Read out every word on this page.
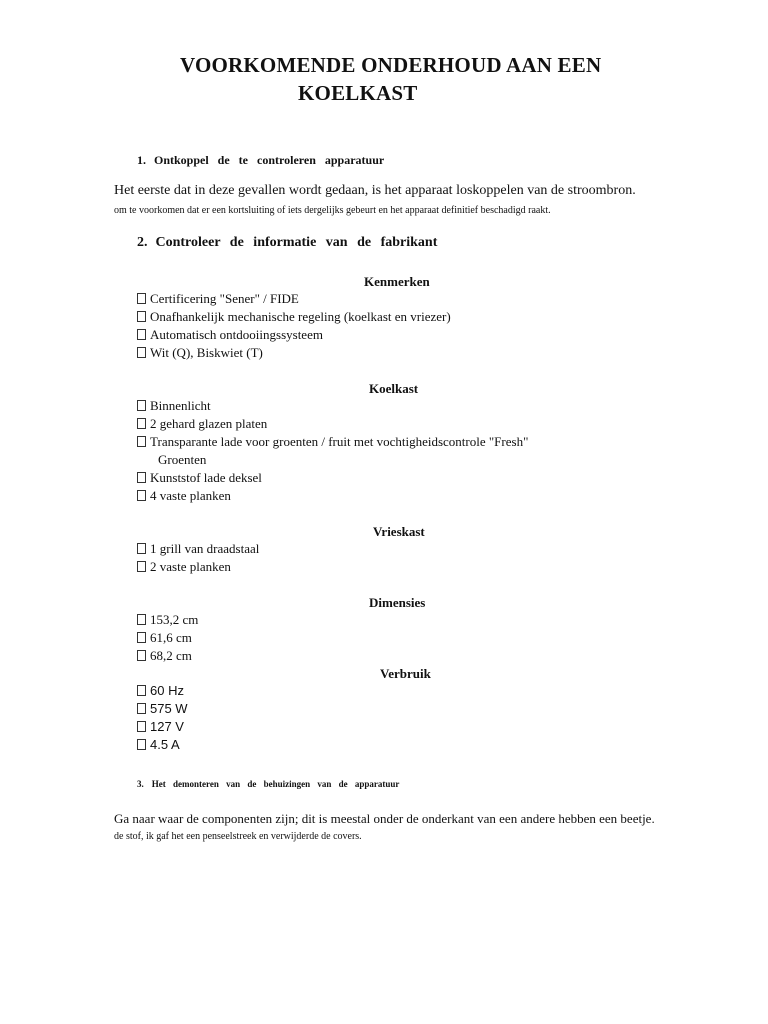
VOORKOMENDE ONDERHOUD AAN EEN
KOELKAST
1. Ontkoppel de te controleren apparatuur
Het eerste dat in deze gevallen wordt gedaan, is het apparaat loskoppelen van de stroombron.
om te voorkomen dat er een kortsluiting of iets dergelijks gebeurt en het apparaat definitief beschadigd raakt.
2. Controleer de informatie van de fabrikant
Kenmerken
Certificering "Sener" / FIDE
Onafhankelijk mechanische regeling (koelkast en vriezer)
Automatisch ontdooiingssysteem
Wit (Q), Biskwiet (T)
Koelkast
Binnenlicht
2 gehard glazen platen
Transparante lade voor groenten / fruit met vochtigheidscontrole "Fresh"
Groenten
Kunststof lade deksel
4 vaste planken
Vrieskast
1 grill van draadstaal
2 vaste planken
Dimensies
153,2 cm
61,6 cm
68,2 cm
Verbruik
60 Hz
575 W
127 V
4.5 A
3. Het demonteren van de behuizingen van de apparatuur
Ga naar waar de componenten zijn; dit is meestal onder de onderkant van een andere hebben een beetje.
de stof, ik gaf het een penseelstreek en verwijderde de covers.
